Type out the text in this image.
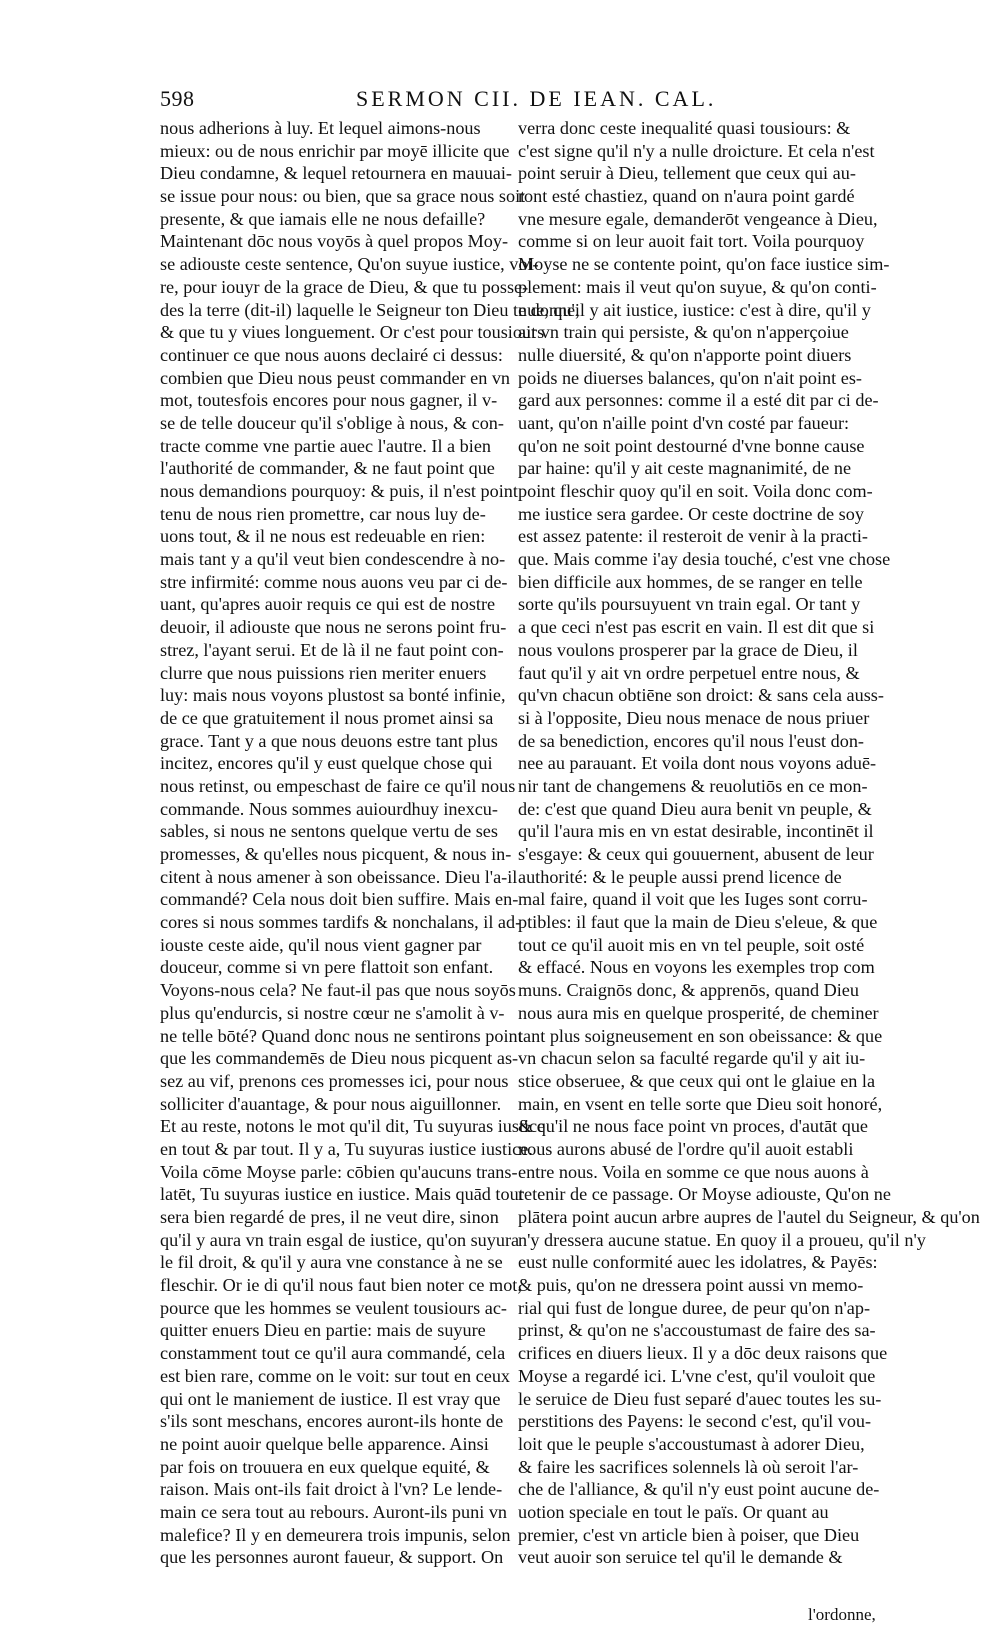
598	SERMON CII. DE IEAN. CAL.
nous adherions à luy. Et lequel aimons-nous
mieux: ou de nous enrichir par moyē illicite que
Dieu condamne, & lequel retournera en mauuai-
se issue pour nous: ou bien, que sa grace nous soit
presente, & que iamais elle ne nous defaille?
Maintenant dōc nous voyōs à quel propos Moy-
se adiouste ceste sentence, Qu'on suyue iustice, voi-
re, pour iouyr de la grace de Dieu, & que tu posse-
des la terre (dit-il) laquelle le Seigneur ton Dieu te donne,
& que tu y viues longuement. Or c'est pour tousiours
continuer ce que nous auons declairé ci dessus:
combien que Dieu nous peust commander en vn
mot, toutesfois encores pour nous gagner, il v-
se de telle douceur qu'il s'oblige à nous, & con-
tracte comme vne partie auec l'autre. Il a bien
l'authorité de commander, & ne faut point que
nous demandions pourquoy: & puis, il n'est point
tenu de nous rien promettre, car nous luy de-
uons tout, & il ne nous est redeuable en rien:
mais tant y a qu'il veut bien condescendre à no-
stre infirmité: comme nous auons veu par ci de-
uant, qu'apres auoir requis ce qui est de nostre
deuoir, il adiouste que nous ne serons point fru-
strez, l'ayant serui. Et de là il ne faut point con-
clurre que nous puissions rien meriter enuers
luy: mais nous voyons plustost sa bonté infinie,
de ce que gratuitement il nous promet ainsi sa
grace. Tant y a que nous deuons estre tant plus
incitez, encores qu'il y eust quelque chose qui
nous retinst, ou empeschast de faire ce qu'il nous
commande. Nous sommes auiourdhuy inexcu-
sables, si nous ne sentons quelque vertu de ses
promesses, & qu'elles nous picquent, & nous in-
citent à nous amener à son obeissance. Dieu l'a-il
commandé? Cela nous doit bien suffire. Mais en-
cores si nous sommes tardifs & nonchalans, il ad-
iouste ceste aide, qu'il nous vient gagner par
douceur, comme si vn pere flattoit son enfant.
Voyons-nous cela? Ne faut-il pas que nous soyōs
plus qu'endurcis, si nostre cœur ne s'amolit à v-
ne telle bōté? Quand donc nous ne sentirons point
que les commandemēs de Dieu nous picquent as-
sez au vif, prenons ces promesses ici, pour nous
solliciter d'auantage, & pour nous aiguillonner.
Et au reste, notons le mot qu'il dit, Tu suyuras iustice
en tout & par tout. Il y a, Tu suyuras iustice iustice.
Voila cōme Moyse parle: cōbien qu'aucuns trans-
latēt, Tu suyuras iustice en iustice. Mais quād tout
sera bien regardé de pres, il ne veut dire, sinon
qu'il y aura vn train esgal de iustice, qu'on suyura
le fil droit, & qu'il y aura vne constance à ne se
fleschir. Or ie di qu'il nous faut bien noter ce mot,
pource que les hommes se veulent tousiours ac-
quitter enuers Dieu en partie: mais de suyure
constamment tout ce qu'il aura commandé, cela
est bien rare, comme on le voit: sur tout en ceux
qui ont le maniement de iustice. Il est vray que
s'ils sont meschans, encores auront-ils honte de
ne point auoir quelque belle apparence. Ainsi
par fois on trouuera en eux quelque equité, &
raison. Mais ont-ils fait droict à l'vn? Le lende-
main ce sera tout au rebours. Auront-ils puni vn
malefice? Il y en demeurera trois impunis, selon
que les personnes auront faueur, & support. On
verra donc ceste inequalité quasi tousiours: &
c'est signe qu'il n'y a nulle droicture. Et cela n'est
point seruir à Dieu, tellement que ceux qui au-
ront esté chastiez, quand on n'aura point gardé
vne mesure egale, demanderōt vengeance à Dieu,
comme si on leur auoit fait tort. Voila pourquoy
Moyse ne se contente point, qu'on face iustice sim-
plement: mais il veut qu'on suyue, & qu'on conti-
nue, qu'il y ait iustice, iustice: c'est à dire, qu'il y
ait vn train qui persiste, & qu'on n'apperçoiue
nulle diuersité, & qu'on n'apporte point diuers
poids ne diuerses balances, qu'on n'ait point es-
gard aux personnes: comme il a esté dit par ci de-
uant, qu'on n'aille point d'vn costé par faueur:
qu'on ne soit point destourné d'vne bonne cause
par haine: qu'il y ait ceste magnanimité, de ne
point fleschir quoy qu'il en soit. Voila donc com-
me iustice sera gardee. Or ceste doctrine de soy
est assez patente: il resteroit de venir à la practi-
que. Mais comme i'ay desia touché, c'est vne chose
bien difficile aux hommes, de se ranger en telle
sorte qu'ils poursuyuent vn train egal. Or tant y
a que ceci n'est pas escrit en vain. Il est dit que si
nous voulons prosperer par la grace de Dieu, il
faut qu'il y ait vn ordre perpetuel entre nous, &
qu'vn chacun obtiēne son droict: & sans cela auss-
si à l'opposite, Dieu nous menace de nous priuer
de sa benediction, encores qu'il nous l'eust don-
nee au parauant. Et voila dont nous voyons aduē-
nir tant de changemens & reuolutiōs en ce mon-
de: c'est que quand Dieu aura benit vn peuple, &
qu'il l'aura mis en vn estat desirable, incontinēt il
s'esgaye: & ceux qui gouuernent, abusent de leur
authorité: & le peuple aussi prend licence de
mal faire, quand il voit que les Iuges sont corru-
ptibles: il faut que la main de Dieu s'eleue, & que
tout ce qu'il auoit mis en vn tel peuple, soit osté
& effacé. Nous en voyons les exemples trop com
muns. Craignōs donc, & apprenōs, quand Dieu
nous aura mis en quelque prosperité, de cheminer
tant plus soigneusement en son obeissance: & que
vn chacun selon sa faculté regarde qu'il y ait iu-
stice obseruee, & que ceux qui ont le glaiue en la
main, en vsent en telle sorte que Dieu soit honoré,
& qu'il ne nous face point vn proces, d'autāt que
nous aurons abusé de l'ordre qu'il auoit establi
entre nous. Voila en somme ce que nous auons à
retenir de ce passage. Or Moyse adiouste, Qu'on ne
plātera point aucun arbre aupres de l'autel du Seigneur, & qu'on
n'y dressera aucune statue. En quoy il a proueu, qu'il n'y
eust nulle conformité auec les idolatres, & Payēs:
& puis, qu'on ne dressera point aussi vn memo-
rial qui fust de longue duree, de peur qu'on n'ap-
prinst, & qu'on ne s'accoustumast de faire des sa-
crifices en diuers lieux. Il y a dōc deux raisons que
Moyse a regardé ici. L'vne c'est, qu'il vouloit que
le seruice de Dieu fust separé d'auec toutes les su-
perstitions des Payens: le second c'est, qu'il vou-
loit que le peuple s'accoustumast à adorer Dieu,
& faire les sacrifices solennels là où seroit l'ar-
che de l'alliance, & qu'il n'y eust point aucune de-
uotion speciale en tout le païs. Or quant au
premier, c'est vn article bien à poiser, que Dieu
veut auoir son seruice tel qu'il le demande &
l'ordonne,
